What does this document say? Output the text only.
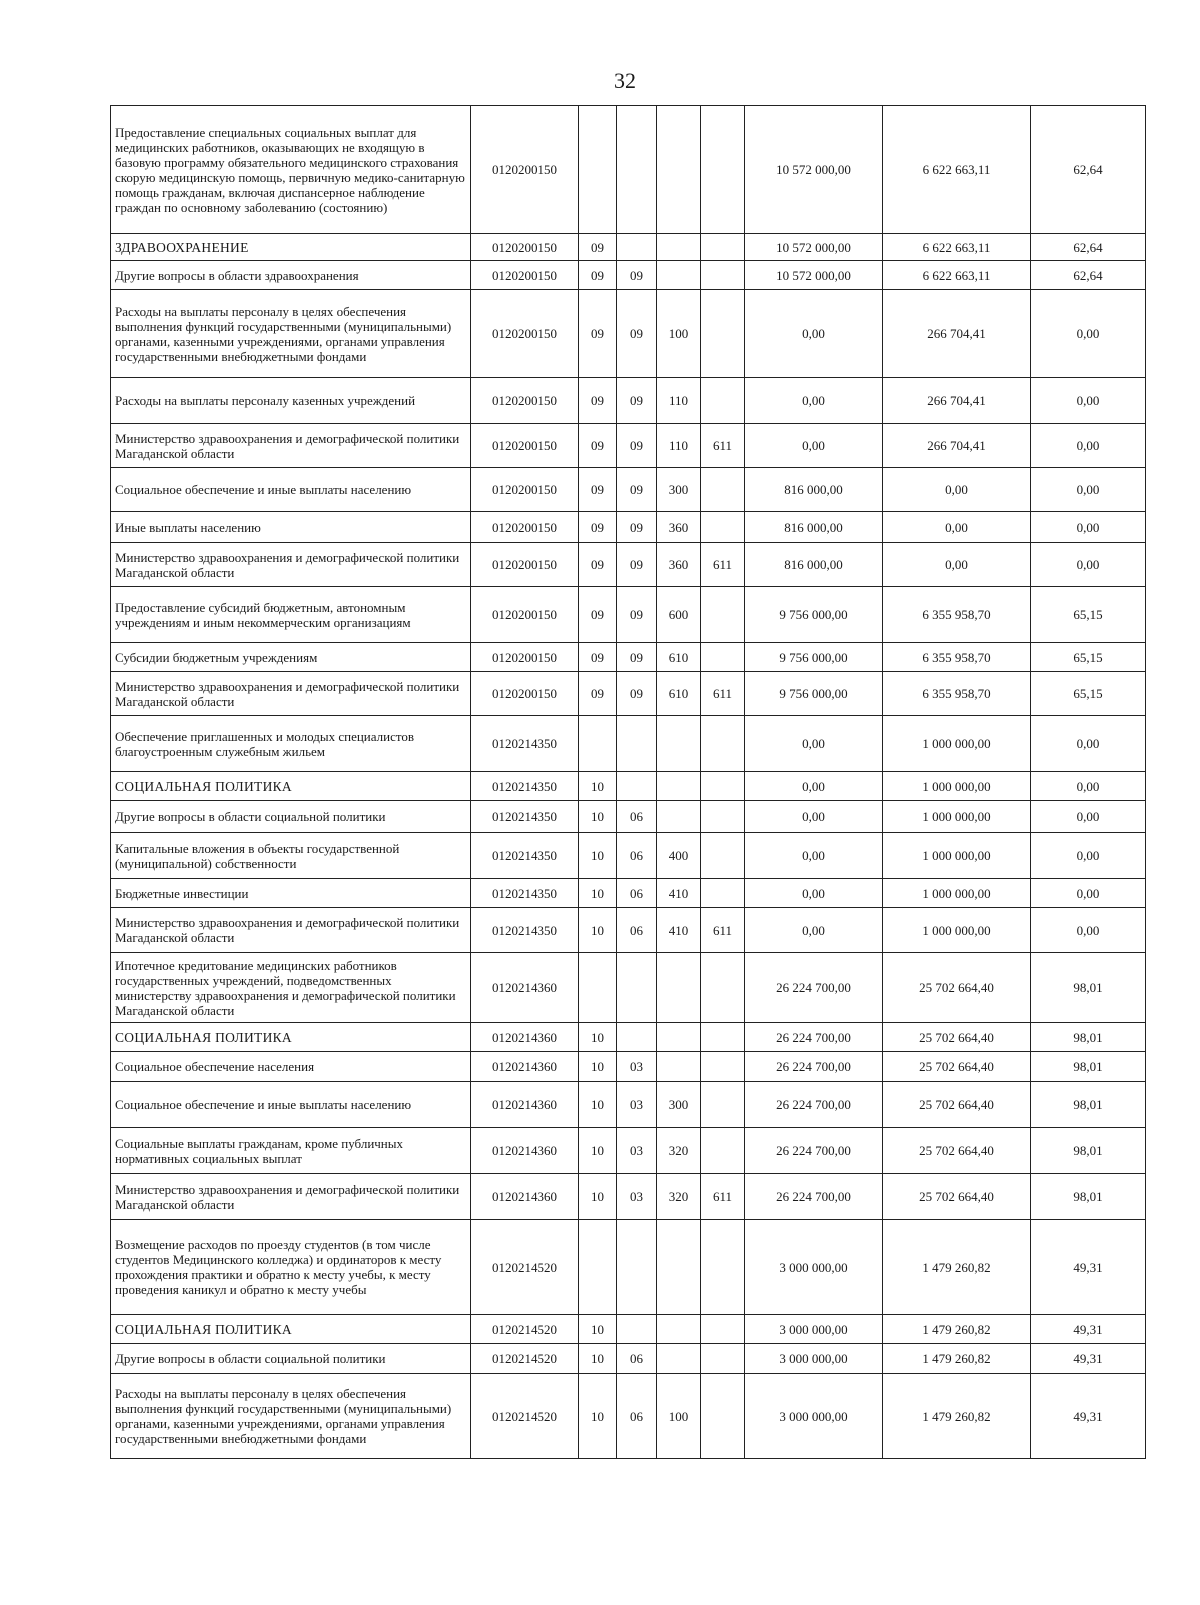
32
Предоставление специальных социальных выплат для медицинских работников, оказывающих не входящую в базовую программу обязательного медицинского страхования скорую медицинскую помощь, первичную медико-санитарную помощь гражданам, включая диспансерное наблюдение граждан по основному заболеванию (состоянию)	0120200150					10 572 000,00	6 622 663,11	62,64
ЗДРАВООХРАНЕНИЕ	0120200150	09				10 572 000,00	6 622 663,11	62,64
Другие вопросы в области здравоохранения	0120200150	09	09			10 572 000,00	6 622 663,11	62,64
Расходы на выплаты персоналу в целях обеспечения выполнения функций государственными (муниципальными) органами, казенными учреждениями, органами управления государственными внебюджетными фондами	0120200150	09	09	100		0,00	266 704,41	0,00
Расходы на выплаты персоналу казенных учреждений	0120200150	09	09	110		0,00	266 704,41	0,00
Министерство здравоохранения и демографической политики Магаданской области	0120200150	09	09	110	611	0,00	266 704,41	0,00
Социальное обеспечение и иные выплаты населению	0120200150	09	09	300		816 000,00	0,00	0,00
Иные выплаты населению	0120200150	09	09	360		816 000,00	0,00	0,00
Министерство здравоохранения и демографической политики Магаданской области	0120200150	09	09	360	611	816 000,00	0,00	0,00
Предоставление субсидий бюджетным, автономным учреждениям и иным некоммерческим организациям	0120200150	09	09	600		9 756 000,00	6 355 958,70	65,15
Субсидии бюджетным учреждениям	0120200150	09	09	610		9 756 000,00	6 355 958,70	65,15
Министерство здравоохранения и демографической политики Магаданской области	0120200150	09	09	610	611	9 756 000,00	6 355 958,70	65,15
Обеспечение приглашенных и молодых специалистов благоустроенным служебным жильем	0120214350					0,00	1 000 000,00	0,00
СОЦИАЛЬНАЯ ПОЛИТИКА	0120214350	10				0,00	1 000 000,00	0,00
Другие вопросы в области социальной политики	0120214350	10	06			0,00	1 000 000,00	0,00
Капитальные вложения в объекты государственной (муниципальной) собственности	0120214350	10	06	400		0,00	1 000 000,00	0,00
Бюджетные инвестиции	0120214350	10	06	410		0,00	1 000 000,00	0,00
Министерство здравоохранения и демографической политики Магаданской области	0120214350	10	06	410	611	0,00	1 000 000,00	0,00
Ипотечное кредитование медицинских работников государственных учреждений, подведомственных министерству здравоохранения и демографической политики Магаданской области	0120214360					26 224 700,00	25 702 664,40	98,01
СОЦИАЛЬНАЯ ПОЛИТИКА	0120214360	10				26 224 700,00	25 702 664,40	98,01
Социальное обеспечение населения	0120214360	10	03			26 224 700,00	25 702 664,40	98,01
Социальное обеспечение и иные выплаты населению	0120214360	10	03	300		26 224 700,00	25 702 664,40	98,01
Социальные выплаты гражданам, кроме публичных нормативных социальных выплат	0120214360	10	03	320		26 224 700,00	25 702 664,40	98,01
Министерство здравоохранения и демографической политики Магаданской области	0120214360	10	03	320	611	26 224 700,00	25 702 664,40	98,01
Возмещение расходов по проезду студентов (в том числе студентов Медицинского колледжа) и ординаторов к месту прохождения практики и обратно к месту учебы, к месту проведения каникул и обратно к месту учебы	0120214520					3 000 000,00	1 479 260,82	49,31
СОЦИАЛЬНАЯ ПОЛИТИКА	0120214520	10				3 000 000,00	1 479 260,82	49,31
Другие вопросы в области социальной политики	0120214520	10	06			3 000 000,00	1 479 260,82	49,31
Расходы на выплаты персоналу в целях обеспечения выполнения функций государственными (муниципальными) органами, казенными учреждениями, органами управления государственными внебюджетными фондами	0120214520	10	06	100		3 000 000,00	1 479 260,82	49,31
